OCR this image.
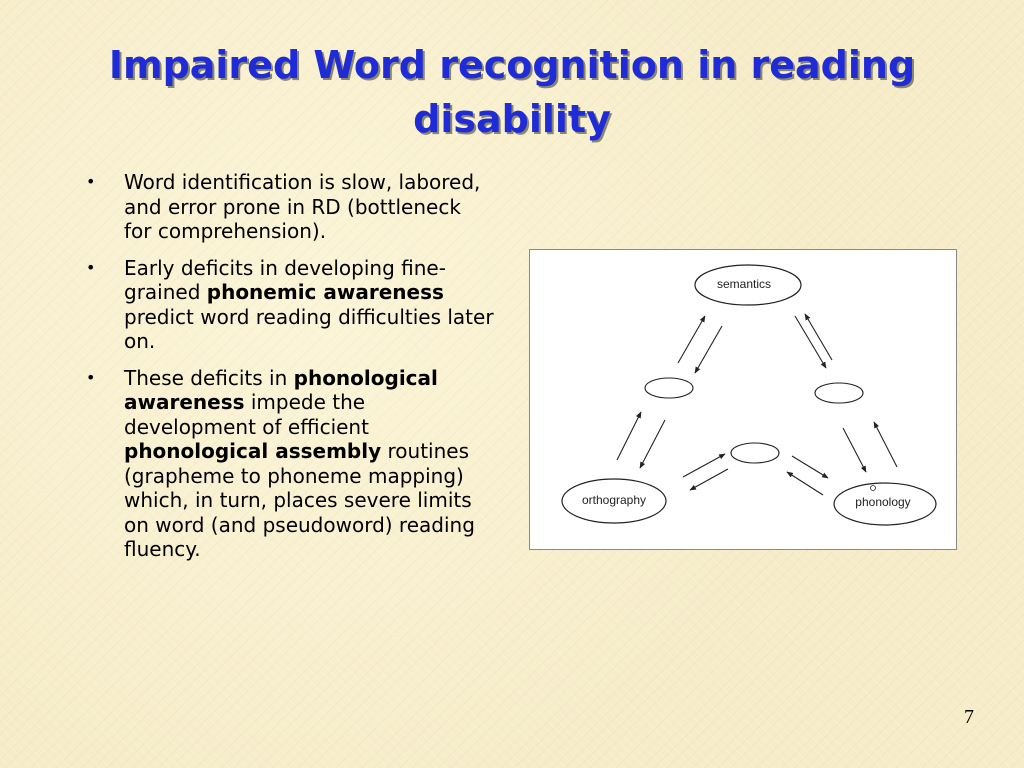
Impaired Word recognition in reading disability
• Word identification is slow, labored, and error prone in RD (bottleneck for comprehension).
• Early deficits in developing fine-grained phonemic awareness predict word reading difficulties later on.
• These deficits in phonological awareness impede the development of efficient phonological assembly routines (grapheme to phoneme mapping) which, in turn, places severe limits on word (and pseudoword) reading fluency.
semantics
orthography	phonology
7
